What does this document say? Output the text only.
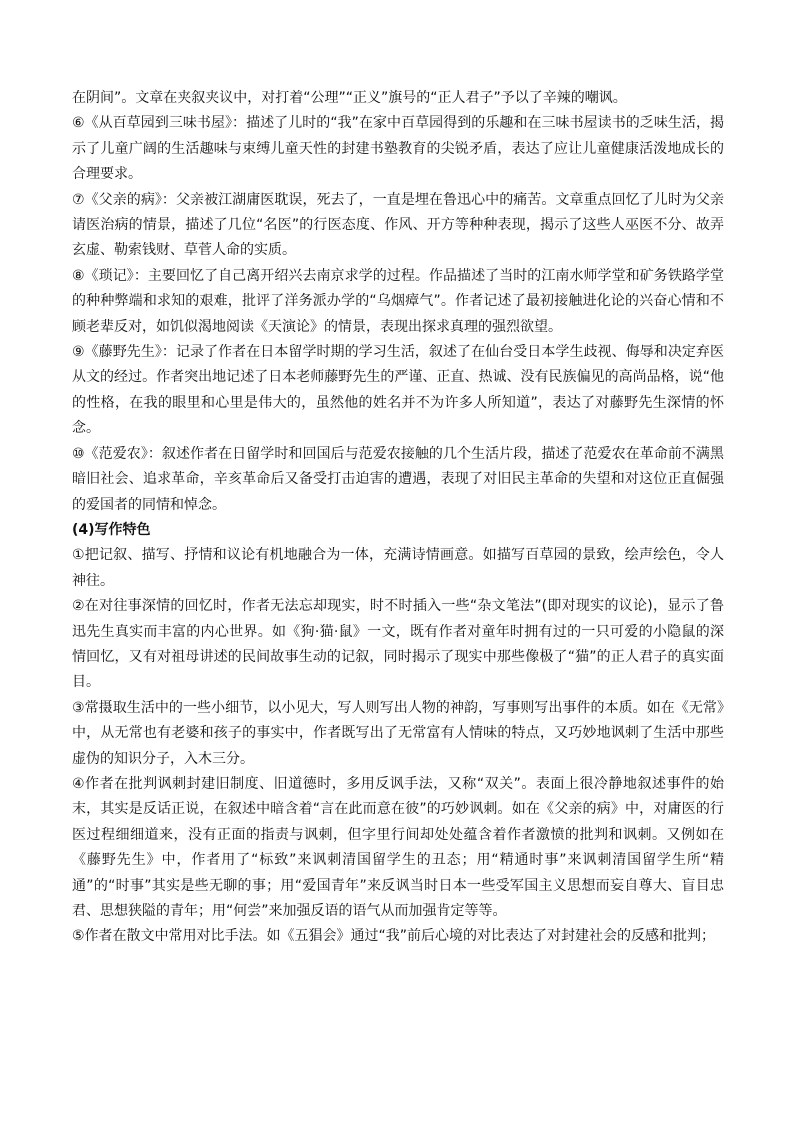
在阴间”。文章在夹叙夹议中，对打着“公理”“正义”旗号的“正人君子”予以了辛辣的嘲讽。

⑥《从百草园到三味书屋》：描述了儿时的“我”在家中百草园得到的乐趣和在三味书屋读书的乏味生活，揭示了儿童广阔的生活趣味与束缚儿童天性的封建书塾教育的尖锐矛盾，表达了应让儿童健康活泼地成长的合理要求。

⑦《父亲的病》：父亲被江湖庸医耽误，死去了，一直是埋在鲁迅心中的痛苦。文章重点回忆了儿时为父亲请医治病的情景，描述了几位“名医”的行医态度、作风、开方等种种表现，揭示了这些人巫医不分、故弄玄虚、勒索钱财、草菅人命的实质。

⑧《琐记》：主要回忆了自己离开绍兴去南京求学的过程。作品描述了当时的江南水师学堂和矿务铁路学堂的种种弊端和求知的艰难，批评了洋务派办学的“乌烟瘴气”。作者记述了最初接触进化论的兴奋心情和不顾老辈反对，如饥似渴地阅读《天演论》的情景，表现出探求真理的强烈欲望。

⑨《藤野先生》：记录了作者在日本留学时期的学习生活，叙述了在仙台受日本学生歧视、侮辱和决定弃医从文的经过。作者突出地记述了日本老师藤野先生的严谨、正直、热诚、没有民族偏见的高尚品格，说“他的性格，在我的眼里和心里是伟大的，虽然他的姓名并不为许多人所知道”，表达了对藤野先生深情的怀念。

⑩《范爱农》：叙述作者在日留学时和回国后与范爱农接触的几个生活片段，描述了范爱农在革命前不满黑暗旧社会、追求革命，辛亥革命后又备受打击迫害的遭遇，表现了对旧民主革命的失望和对这位正直倔强的爱国者的同情和悼念。

(4)写作特色

①把记叙、描写、抒情和议论有机地融合为一体，充满诗情画意。如描写百草园的景致，绘声绘色，令人神往。

②在对往事深情的回忆时，作者无法忘却现实，时不时插入一些“杂文笔法”(即对现实的议论)，显示了鲁迅先生真实而丰富的内心世界。如《狗·猫·鼠》一文，既有作者对童年时拥有过的一只可爱的小隐鼠的深情回忆，又有对祖母讲述的民间故事生动的记叙，同时揭示了现实中那些像极了“猫”的正人君子的真实面目。

③常摄取生活中的一些小细节，以小见大，写人则写出人物的神韵，写事则写出事件的本质。如在《无常》中，从无常也有老婆和孩子的事实中，作者既写出了无常富有人情味的特点，又巧妙地讽刺了生活中那些虚伪的知识分子，入木三分。

④作者在批判讽刺封建旧制度、旧道德时，多用反讽手法，又称“双关”。表面上很冷静地叙述事件的始末，其实是反话正说，在叙述中暗含着“言在此而意在彼”的巧妙讽刺。如在《父亲的病》中，对庸医的行医过程细细道来，没有正面的指责与讽刺，但字里行间却处处蕴含着作者激愤的批判和讽刺。又例如在《藤野先生》中，作者用了“标致”来讽刺清国留学生的丑态；用“精通时事”来讽刺清国留学生所“精通”的“时事”其实是些无聊的事；用“爱国青年”来反讽当时日本一些受军国主义思想而妄自尊大、盲目忠君、思想狭隘的青年；用“何尝”来加强反语的语气从而加强肯定等等。

⑤作者在散文中常用对比手法。如《五猖会》通过“我”前后心境的对比表达了对封建社会的反感和批判；
